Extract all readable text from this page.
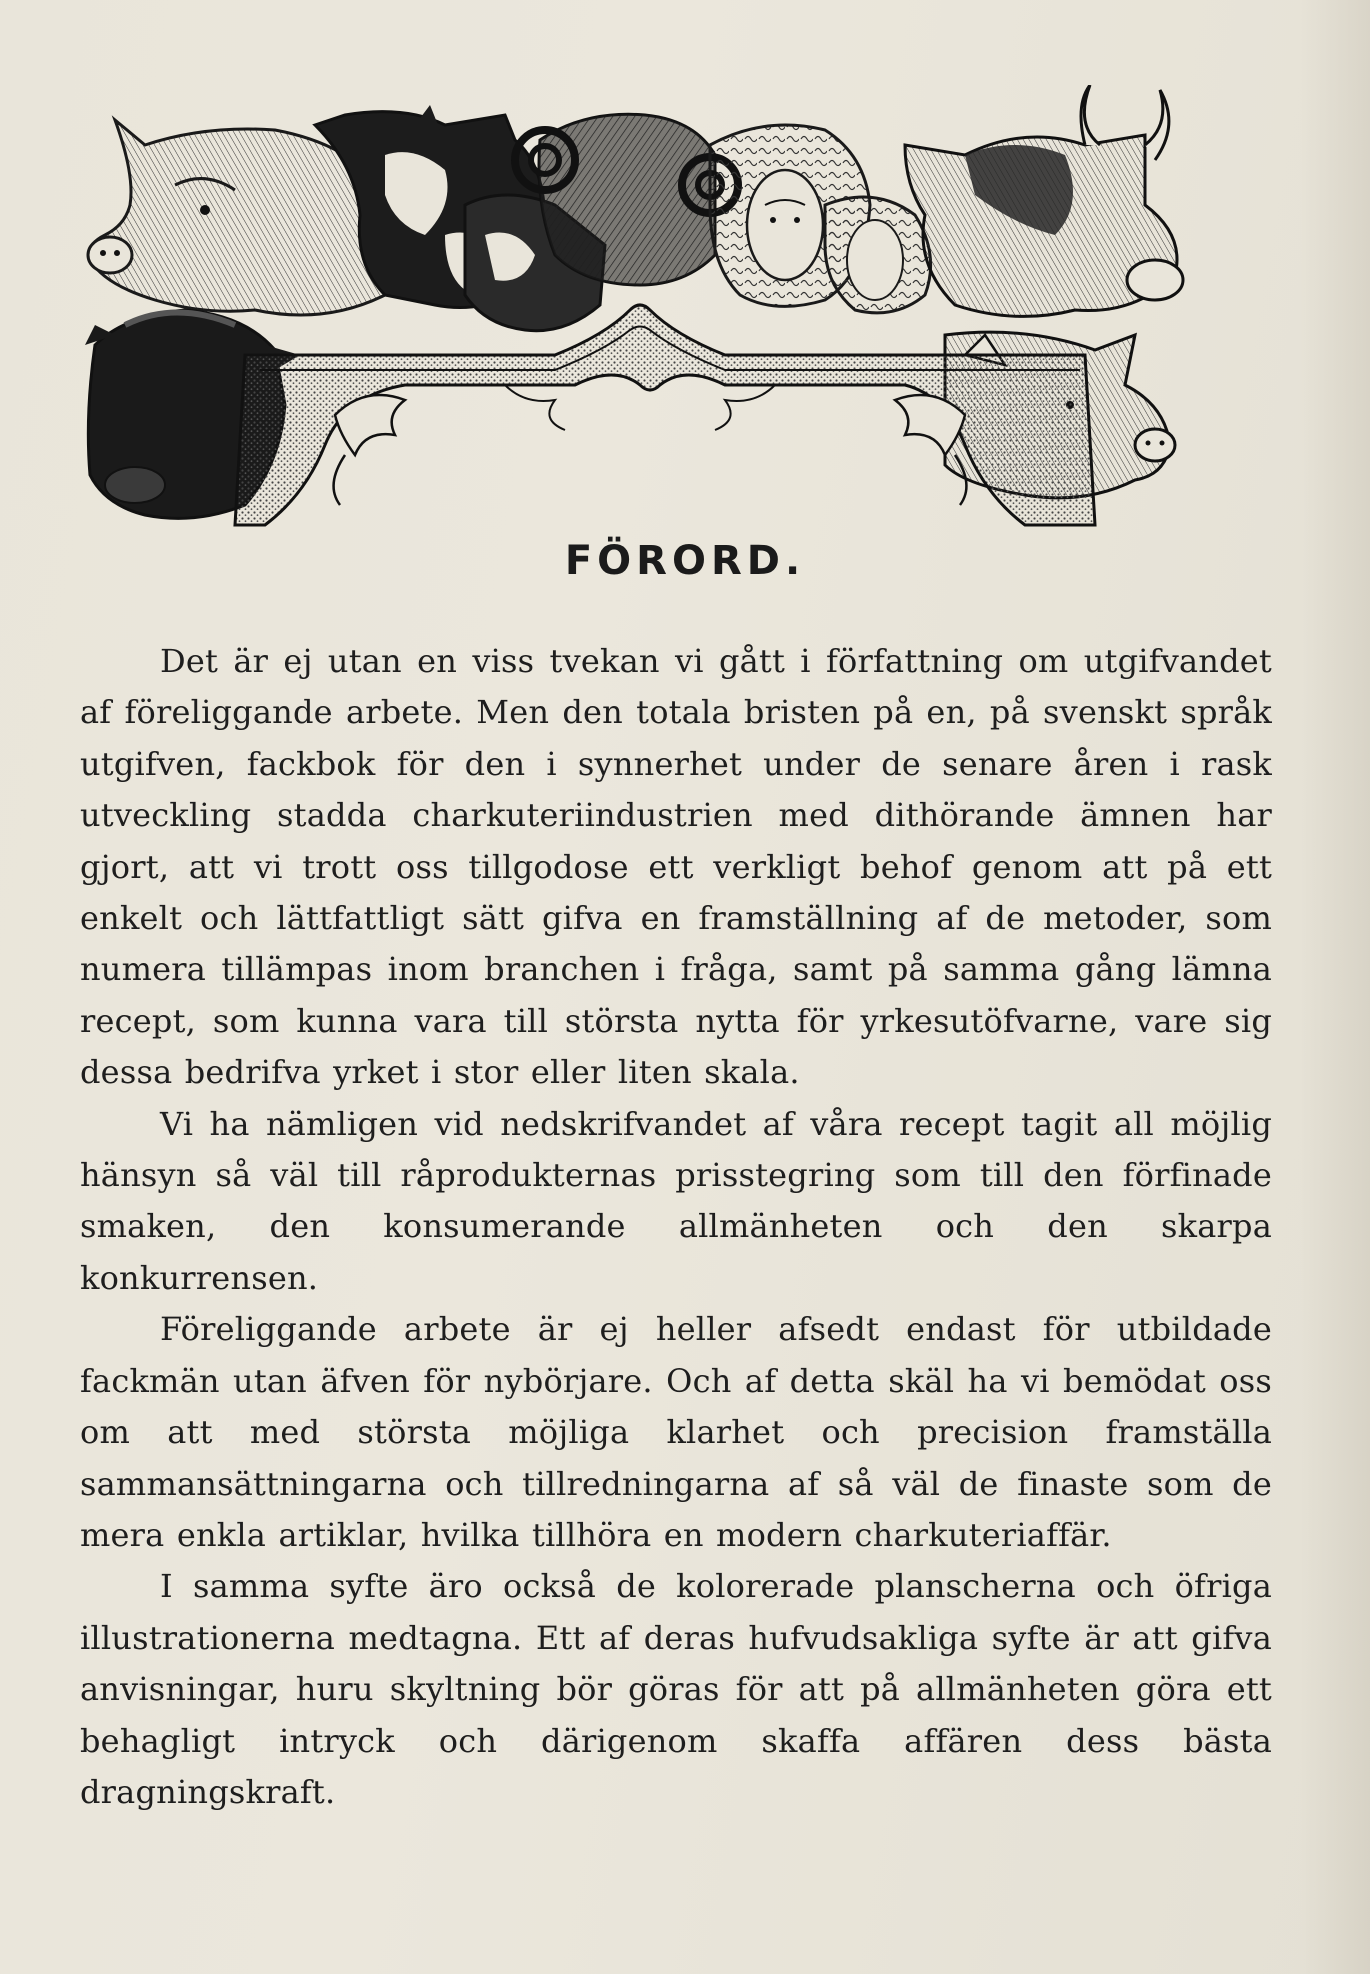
FÖRORD.

Det är ej utan en viss tvekan vi gått i författning om utgifvandet af föreliggande arbete. Men den totala bristen på en, på svenskt språk utgifven, fackbok för den i synnerhet under de senare åren i rask utveckling stadda charkuteriindustrien med dithörande ämnen har gjort, att vi trott oss tillgodose ett verkligt behof genom att på ett enkelt och lättfattligt sätt gifva en framställning af de metoder, som numera tillämpas inom branchen i fråga, samt på samma gång lämna recept, som kunna vara till största nytta för yrkesutöfvarne, vare sig dessa bedrifva yrket i stor eller liten skala.

Vi ha nämligen vid nedskrifvandet af våra recept tagit all möjlig hänsyn så väl till råprodukternas prisstegring som till den förfinade smaken, den konsumerande allmänheten och den skarpa konkurrensen.

Föreliggande arbete är ej heller afsedt endast för utbildade fackmän utan äfven för nybörjare. Och af detta skäl ha vi bemödat oss om att med största möjliga klarhet och precision framställa sammansättningarna och tillredningarna af så väl de finaste som de mera enkla artiklar, hvilka tillhöra en modern charkuteriaffär.

I samma syfte äro också de kolorerade planscherna och öfriga illustrationerna medtagna. Ett af deras hufvudsakliga syfte är att gifva anvisningar, huru skyltning bör göras för att på allmänheten göra ett behagligt intryck och därigenom skaffa affären dess bästa dragningskraft.
